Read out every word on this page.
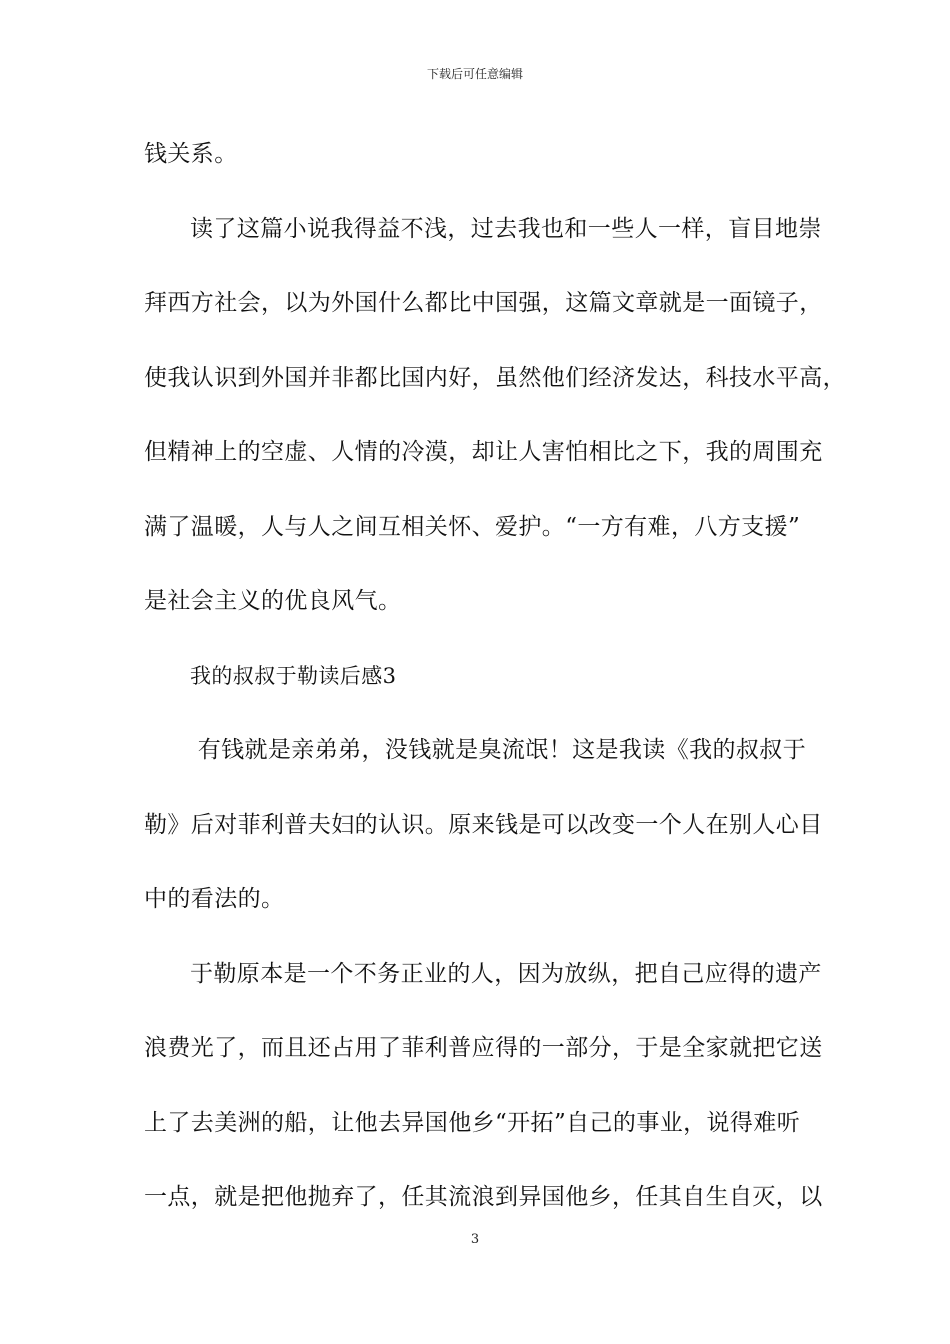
下载后可任意编辑
钱关系。
读了这篇小说我得益不浅，过去我也和一些人一样，盲目地崇
拜西方社会，以为外国什么都比中国强，这篇文章就是一面镜子，
使我认识到外国并非都比国内好，虽然他们经济发达，科技水平高，
但精神上的空虚、人情的冷漠，却让人害怕相比之下，我的周围充
满了温暖，人与人之间互相关怀、爱护。“一方有难，八方支援”
是社会主义的优良风气。
我的叔叔于勒读后感3
有钱就是亲弟弟，没钱就是臭流氓！这是我读《我的叔叔于
勒》后对菲利普夫妇的认识。原来钱是可以改变一个人在别人心目
中的看法的。
于勒原本是一个不务正业的人，因为放纵，把自己应得的遗产
浪费光了，而且还占用了菲利普应得的一部分，于是全家就把它送
上了去美洲的船，让他去异国他乡“开拓”自己的事业，说得难听
一点，就是把他抛弃了，任其流浪到异国他乡，任其自生自灭，以
3
